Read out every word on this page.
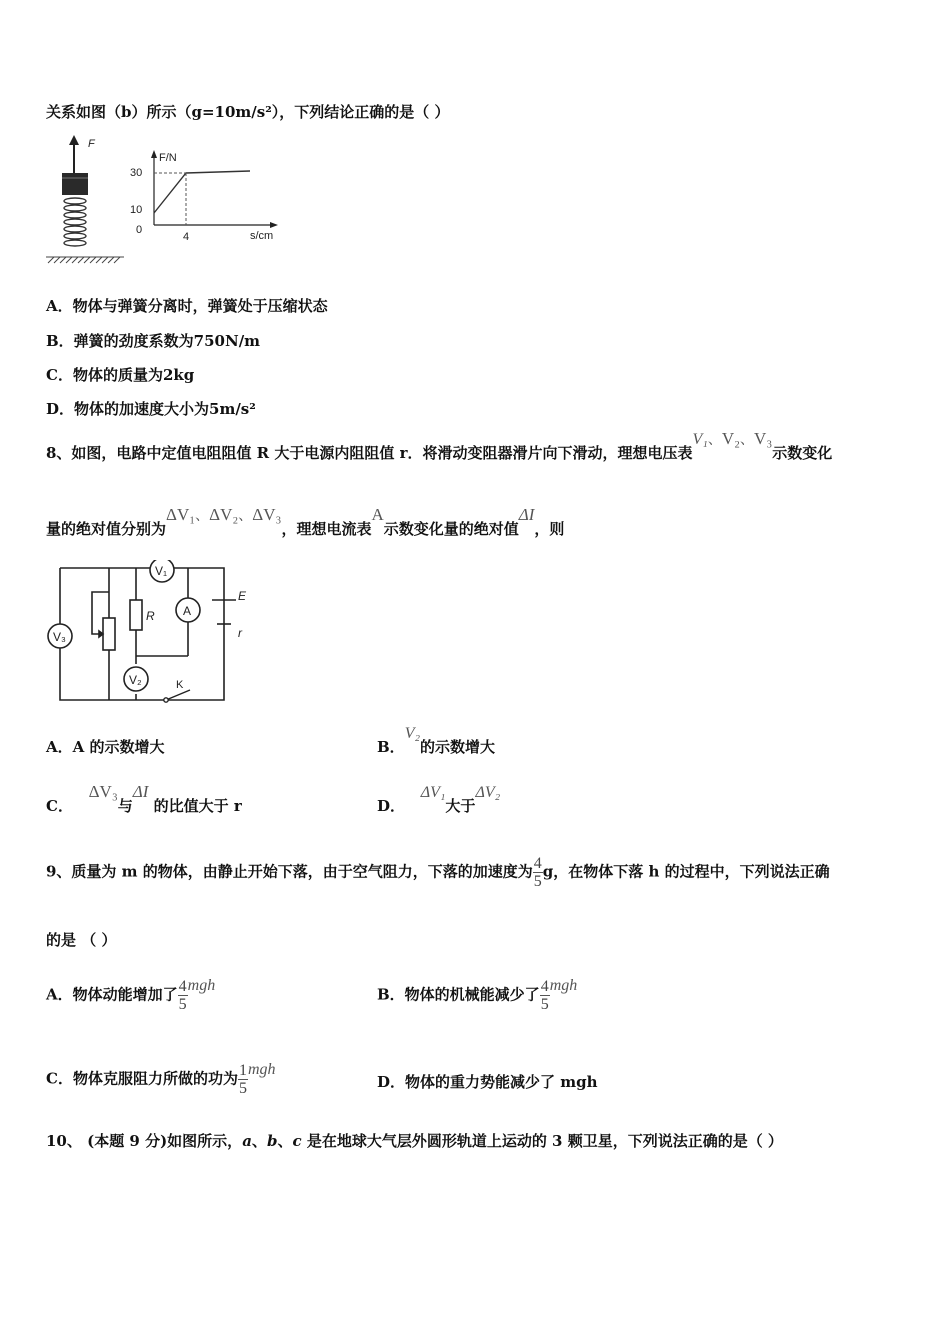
关系如图（b）所示（g=10m/s²），下列结论正确的是（ ）
F
F/N
s/cm
30
10
0
4
A．物体与弹簧分离时，弹簧处于压缩状态
B．弹簧的劲度系数为750N/m
C．物体的质量为2kg
D．物体的加速度大小为5m/s²
8、如图，电路中定值电阻阻值 R 大于电源内阻阻值 r．将滑动变阻器滑片向下滑动，理想电压表V₁、V₂、V₃示数变化
量的绝对值分别为ΔV₁、ΔV₂、ΔV₃，理想电流表A示数变化量的绝对值ΔI，则
V₁
A
V₂
V₃
K
R
E
r
A．A 的示数增大	B．V₂的示数增大
C．   ΔV₃与ΔI 的比值大于 r	D．   ΔV₁大于ΔV₂
9、质量为 m 的物体，由静止开始下落，由于空气阻力，下落的加速度为 $\frac{4}{5}$ g，在物体下落 h 的过程中，下列说法正确
的是 （ ）
A．物体动能增加了 $\frac{4}{5}$ mgh
B．物体的机械能减少了 $\frac{4}{5}$ mgh
C．物体克服阻力所做的功为 $\frac{1}{5}$ mgh
D．物体的重力势能减少了 mgh
10、 (本题 9 分)如图所示，a、b、c 是在地球大气层外圆形轨道上运动的 3 颗卫星，下列说法正确的是（ ）
